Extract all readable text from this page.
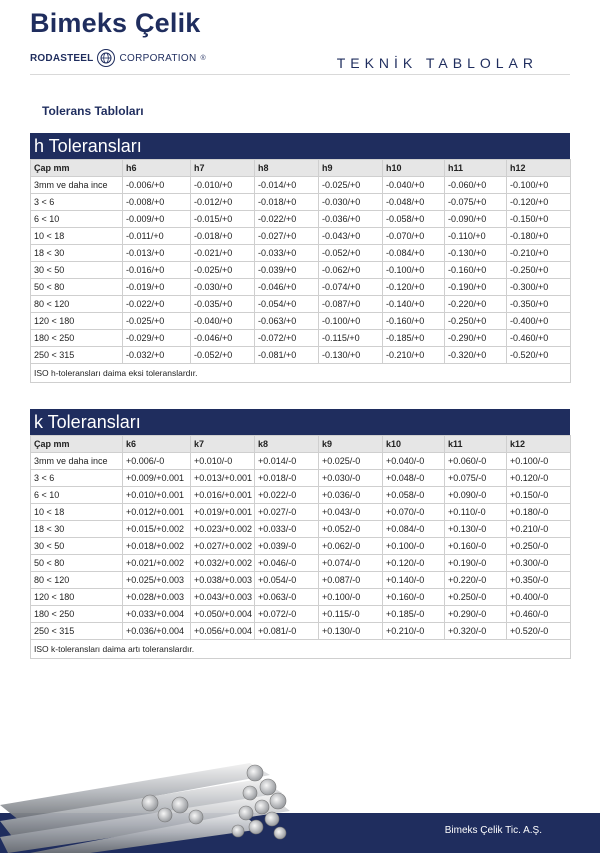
Bimeks Çelik
RODASTEEL	CORPORATION ®	TEKNİK TABLOLAR
Tolerans Tabloları
h Toleransları
Çap mm	h6	h7	h8	h9	h10	h11	h12
3mm ve daha ince	-0.006/+0	-0.010/+0	-0.014/+0	-0.025/+0	-0.040/+0	-0.060/+0	-0.100/+0
3 < 6	-0.008/+0	-0.012/+0	-0.018/+0	-0.030/+0	-0.048/+0	-0.075/+0	-0.120/+0
6 < 10	-0.009/+0	-0.015/+0	-0.022/+0	-0.036/+0	-0.058/+0	-0.090/+0	-0.150/+0
10 < 18	-0.011/+0	-0.018/+0	-0.027/+0	-0.043/+0	-0.070/+0	-0.110/+0	-0.180/+0
18 < 30	-0.013/+0	-0.021/+0	-0.033/+0	-0.052/+0	-0.084/+0	-0.130/+0	-0.210/+0
30 < 50	-0.016/+0	-0.025/+0	-0.039/+0	-0.062/+0	-0.100/+0	-0.160/+0	-0.250/+0
50 < 80	-0.019/+0	-0.030/+0	-0.046/+0	-0.074/+0	-0.120/+0	-0.190/+0	-0.300/+0
80 < 120	-0.022/+0	-0.035/+0	-0.054/+0	-0.087/+0	-0.140/+0	-0.220/+0	-0.350/+0
120 < 180	-0.025/+0	-0.040/+0	-0.063/+0	-0.100/+0	-0.160/+0	-0.250/+0	-0.400/+0
180 < 250	-0.029/+0	-0.046/+0	-0.072/+0	-0.115/+0	-0.185/+0	-0.290/+0	-0.460/+0
250 < 315	-0.032/+0	-0.052/+0	-0.081/+0	-0.130/+0	-0.210/+0	-0.320/+0	-0.520/+0
ISO h-toleransları daima eksi toleranslardır.							
k Toleransları
Çap mm	k6	k7	k8	k9	k10	k11	k12
3mm ve daha ince	+0.006/-0	+0.010/-0	+0.014/-0	+0.025/-0	+0.040/-0	+0.060/-0	+0.100/-0
3 < 6	+0.009/+0.001	+0.013/+0.001	+0.018/-0	+0.030/-0	+0.048/-0	+0.075/-0	+0.120/-0
6 < 10	+0.010/+0.001	+0.016/+0.001	+0.022/-0	+0.036/-0	+0.058/-0	+0.090/-0	+0.150/-0
10 < 18	+0.012/+0.001	+0.019/+0.001	+0.027/-0	+0.043/-0	+0.070/-0	+0.110/-0	+0.180/-0
18 < 30	+0.015/+0.002	+0.023/+0.002	+0.033/-0	+0.052/-0	+0.084/-0	+0.130/-0	+0.210/-0
30 < 50	+0.018/+0.002	+0.027/+0.002	+0.039/-0	+0.062/-0	+0.100/-0	+0.160/-0	+0.250/-0
50 < 80	+0.021/+0.002	+0.032/+0.002	+0.046/-0	+0.074/-0	+0.120/-0	+0.190/-0	+0.300/-0
80 < 120	+0.025/+0.003	+0.038/+0.003	+0.054/-0	+0.087/-0	+0.140/-0	+0.220/-0	+0.350/-0
120 < 180	+0.028/+0.003	+0.043/+0.003	+0.063/-0	+0.100/-0	+0.160/-0	+0.250/-0	+0.400/-0
180 < 250	+0.033/+0.004	+0.050/+0.004	+0.072/-0	+0.115/-0	+0.185/-0	+0.290/-0	+0.460/-0
250 < 315	+0.036/+0.004	+0.056/+0.004	+0.081/-0	+0.130/-0	+0.210/-0	+0.320/-0	+0.520/-0
ISO k-toleransları daima artı toleranslardır.							
Bimeks Çelik Tic. A.Ş.
